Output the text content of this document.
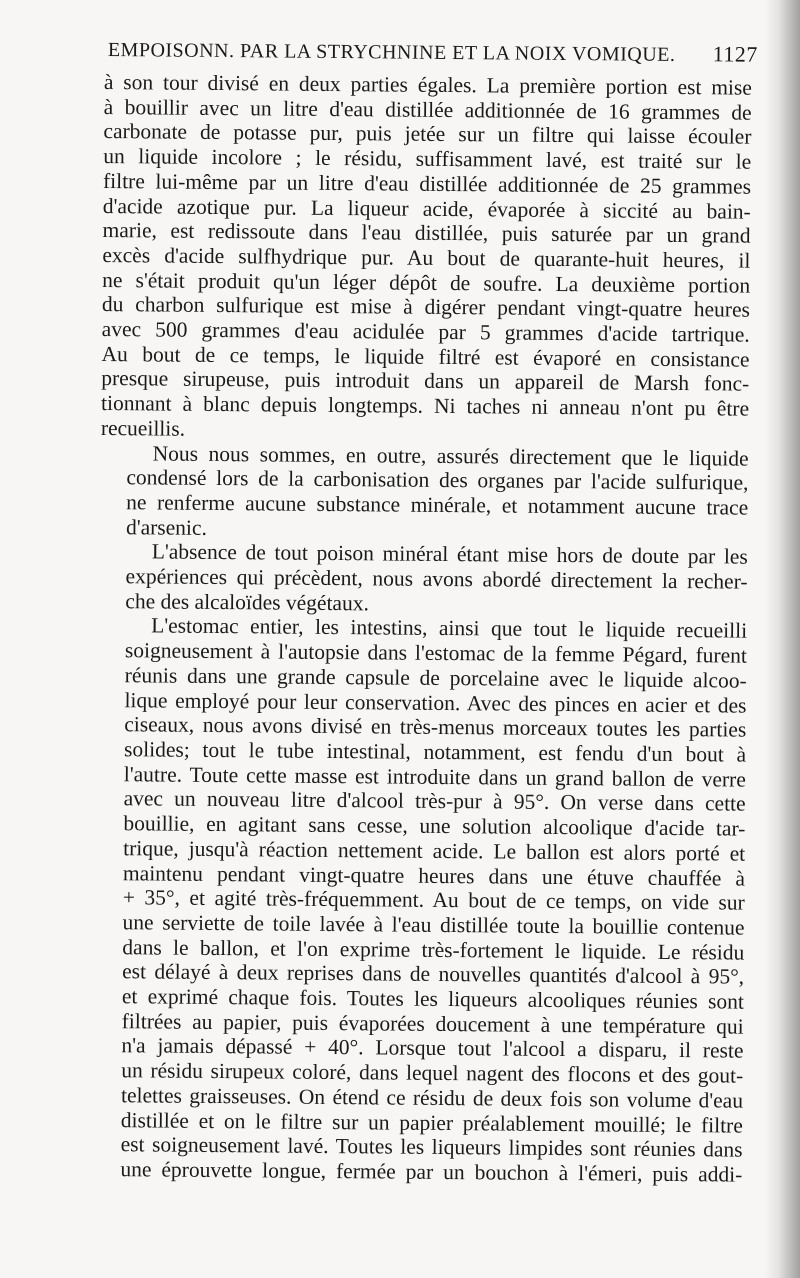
EMPOISONN. PAR LA STRYCHNINE ET LA NOIX VOMIQUE. 1127

à son tour divisé en deux parties égales. La première portion est mise
à bouillir avec un litre d'eau distillée additionnée de 16 grammes de
carbonate de potasse pur, puis jetée sur un filtre qui laisse écouler
un liquide incolore ; le résidu, suffisamment lavé, est traité sur le
filtre lui-même par un litre d'eau distillée additionnée de 25 grammes
d'acide azotique pur. La liqueur acide, évaporée à siccité au bain-
marie, est redissoute dans l'eau distillée, puis saturée par un grand
excès d'acide sulfhydrique pur. Au bout de quarante-huit heures, il
ne s'était produit qu'un léger dépôt de soufre. La deuxième portion
du charbon sulfurique est mise à digérer pendant vingt-quatre heures
avec 500 grammes d'eau acidulée par 5 grammes d'acide tartrique.
Au bout de ce temps, le liquide filtré est évaporé en consistance
presque sirupeuse, puis introduit dans un appareil de Marsh fonc-
tionnant à blanc depuis longtemps. Ni taches ni anneau n'ont pu être
recueillis.

Nous nous sommes, en outre, assurés directement que le liquide
condensé lors de la carbonisation des organes par l'acide sulfurique,
ne renferme aucune substance minérale, et notamment aucune trace
d'arsenic.

L'absence de tout poison minéral étant mise hors de doute par les
expériences qui précèdent, nous avons abordé directement la recher-
che des alcaloïdes végétaux.

L'estomac entier, les intestins, ainsi que tout le liquide recueilli
soigneusement à l'autopsie dans l'estomac de la femme Pégard, furent
réunis dans une grande capsule de porcelaine avec le liquide alcoo-
lique employé pour leur conservation. Avec des pinces en acier et des
ciseaux, nous avons divisé en très-menus morceaux toutes les parties
solides; tout le tube intestinal, notamment, est fendu d'un bout à
l'autre. Toute cette masse est introduite dans un grand ballon de verre
avec un nouveau litre d'alcool très-pur à 95°. On verse dans cette
bouillie, en agitant sans cesse, une solution alcoolique d'acide tar-
trique, jusqu'à réaction nettement acide. Le ballon est alors porté et
maintenu pendant vingt-quatre heures dans une étuve chauffée à
+ 35°, et agité très-fréquemment. Au bout de ce temps, on vide sur
une serviette de toile lavée à l'eau distillée toute la bouillie contenue
dans le ballon, et l'on exprime très-fortement le liquide. Le résidu
est délayé à deux reprises dans de nouvelles quantités d'alcool à 95°,
et exprimé chaque fois. Toutes les liqueurs alcooliques réunies sont
filtrées au papier, puis évaporées doucement à une température qui
n'a jamais dépassé + 40°. Lorsque tout l'alcool a disparu, il reste
un résidu sirupeux coloré, dans lequel nagent des flocons et des gout-
telettes graisseuses. On étend ce résidu de deux fois son volume d'eau
distillée et on le filtre sur un papier préalablement mouillé; le filtre
est soigneusement lavé. Toutes les liqueurs limpides sont réunies dans
une éprouvette longue, fermée par un bouchon à l'émeri, puis addi-
